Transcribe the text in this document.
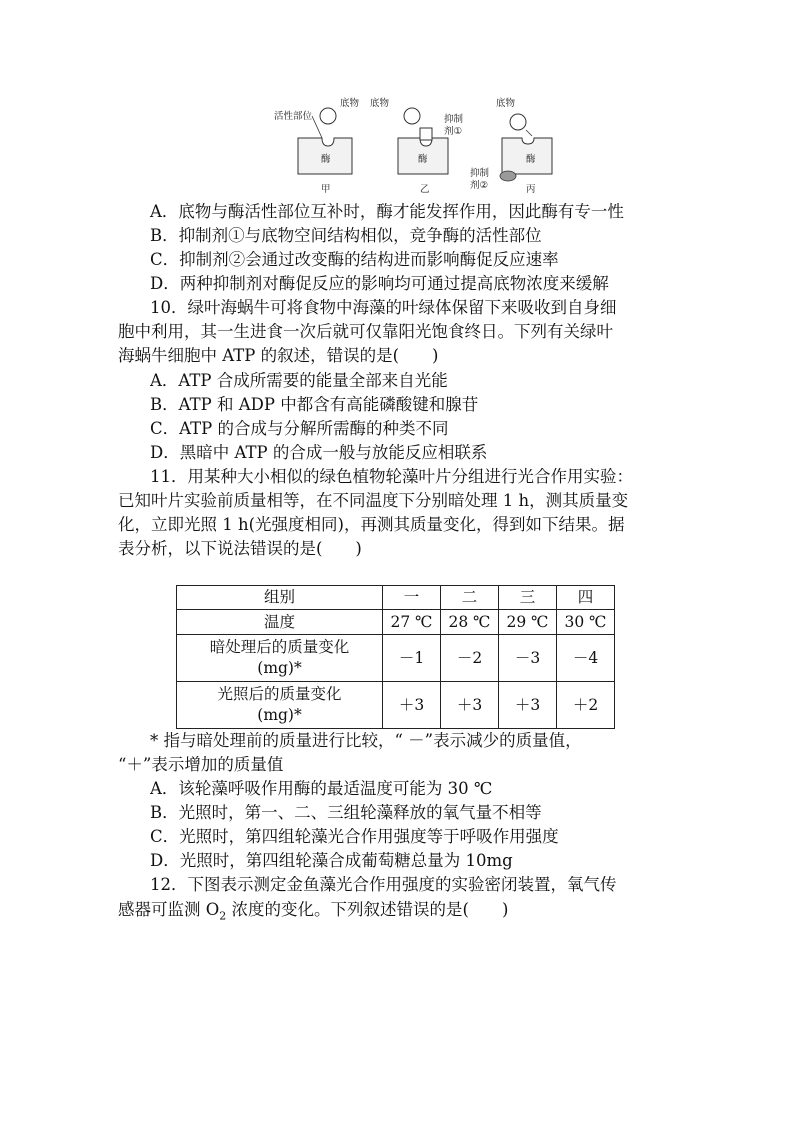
活性部位
底物
酶
甲
底物
抑制
剂①
酶
乙
底物
抑制
剂②
酶
丙
A．底物与酶活性部位互补时，酶才能发挥作用，因此酶有专一性
B．抑制剂①与底物空间结构相似，竞争酶的活性部位
C．抑制剂②会通过改变酶的结构进而影响酶促反应速率
D．两种抑制剂对酶促反应的影响均可通过提高底物浓度来缓解
10．绿叶海蜗牛可将食物中海藻的叶绿体保留下来吸收到自身细
胞中利用，其一生进食一次后就可仅靠阳光饱食终日。下列有关绿叶
海蜗牛细胞中 ATP 的叙述，错误的是(　　)
A．ATP 合成所需要的能量全部来自光能
B．ATP 和 ADP 中都含有高能磷酸键和腺苷
C．ATP 的合成与分解所需酶的种类不同
D．黑暗中 ATP 的合成一般与放能反应相联系
11．用某种大小相似的绿色植物轮藻叶片分组进行光合作用实验：
已知叶片实验前质量相等，在不同温度下分别暗处理 1 h，测其质量变
化，立即光照 1 h(光强度相同)，再测其质量变化，得到如下结果。据
表分析，以下说法错误的是(　　)
组别	一	二	三	四
温度	27 ℃	28 ℃	29 ℃	30 ℃

暗处理后的质量变化
(mg)*	－1	－2	－3	－4

光照后的质量变化
(mg)*	＋3	＋3	＋3	＋2
* 指与暗处理前的质量进行比较，“ －”表示减少的质量值，
“＋”表示增加的质量值
A．该轮藻呼吸作用酶的最适温度可能为 30 ℃
B．光照时，第一、二、三组轮藻释放的氧气量不相等
C．光照时，第四组轮藻光合作用强度等于呼吸作用强度
D．光照时，第四组轮藻合成葡萄糖总量为 10mg
12．下图表示测定金鱼藻光合作用强度的实验密闭装置，氧气传
感器可监测 $O_2$ 浓度的变化。下列叙述错误的是(　　)
